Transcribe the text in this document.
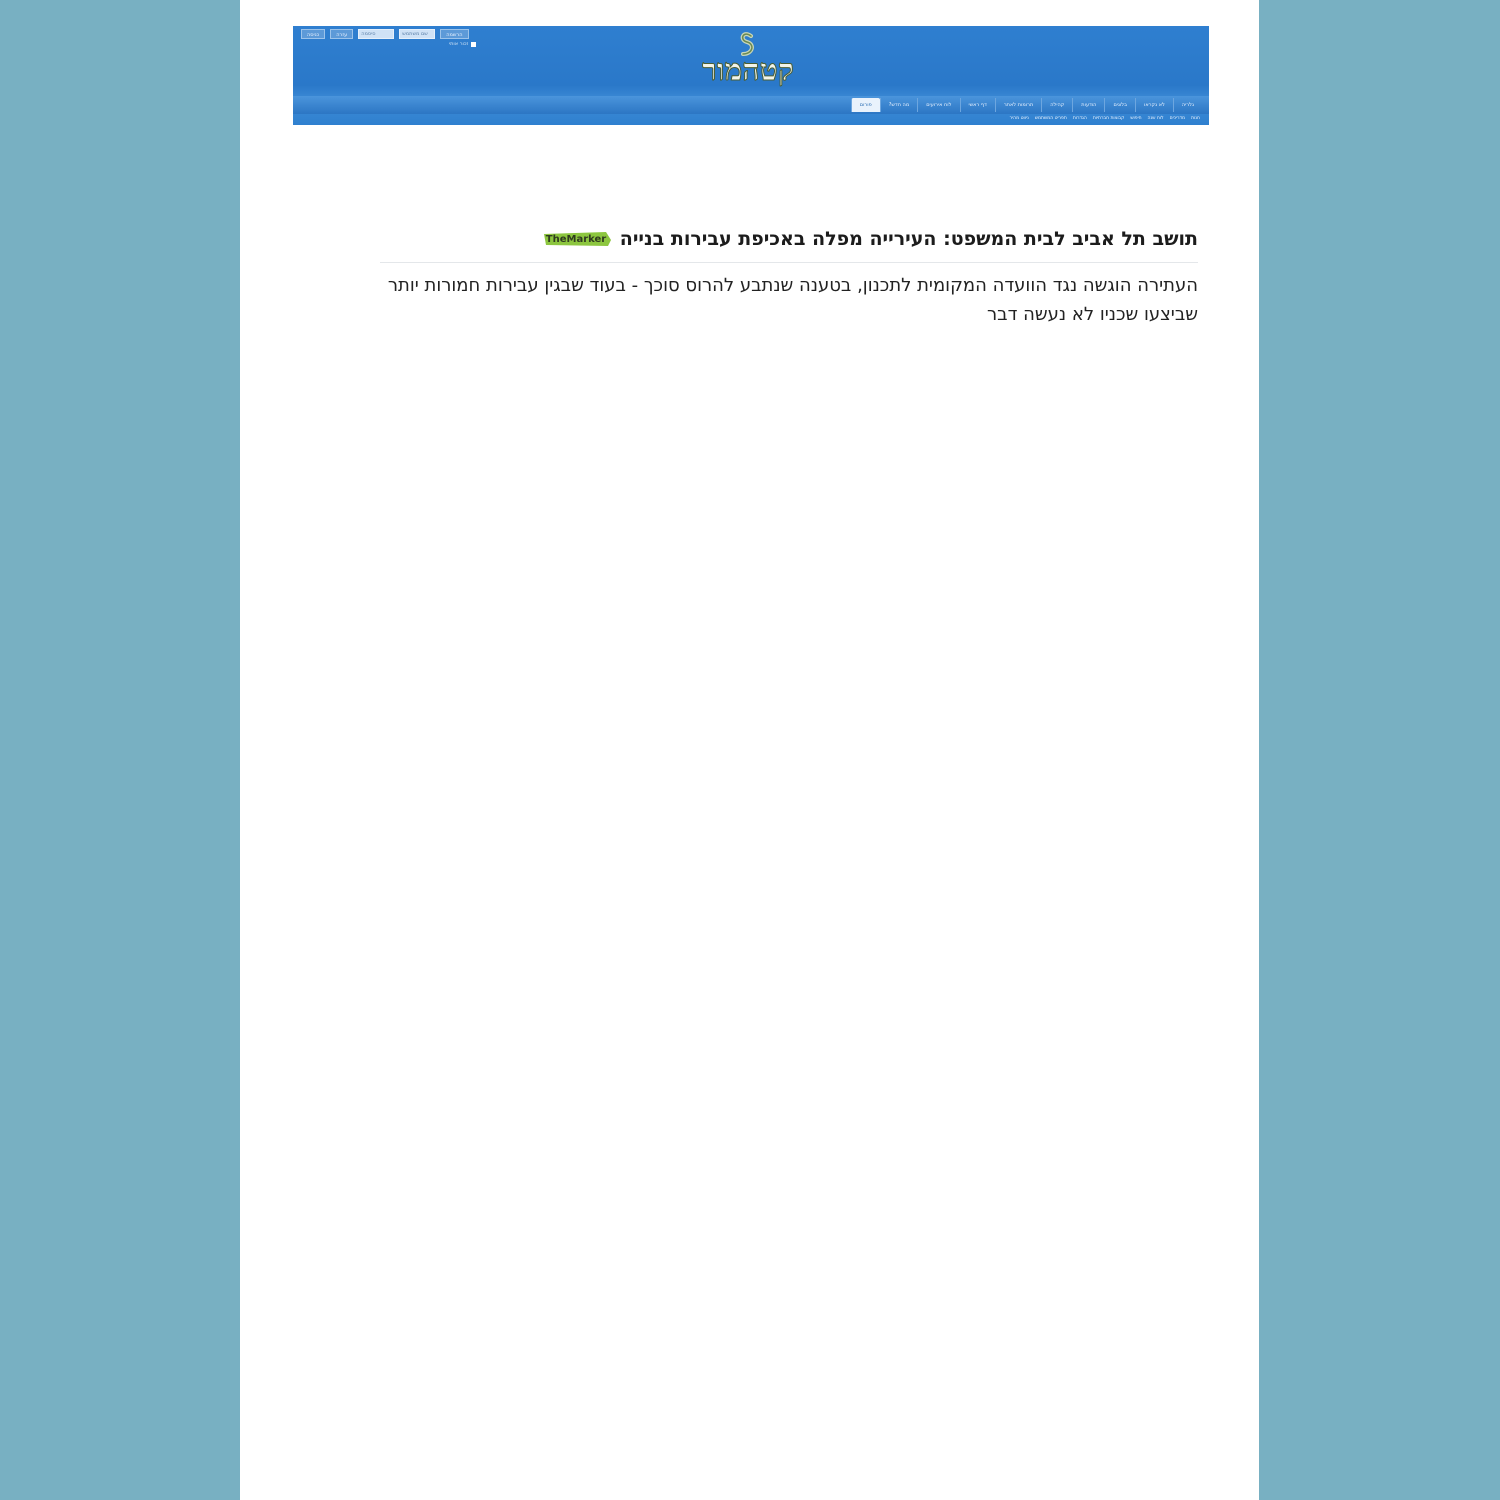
כניסה	עזרה	סיסמה	שם משתמש	הרשמה
זכור אותי
קטהמור
פורום	מה חדש?	לוח אירועים	דף ראשי	תרומות לאתר	קהילה	הודעות	בלוגים	לא נקראו	גלריה
ניווט מהיר תפריט המשתמש הגדרות קבוצות חברתיות חיפוש לוח שנה מדריכים חנות
תושב תל אביב לבית המשפט: העירייה מפלה באכיפת עבירות בנייה
TheMarker
העתירה הוגשה נגד הוועדה המקומית לתכנון, בטענה שנתבע להרוס סוכך - בעוד שבגין עבירות חמורות יותר שביצעו שכניו לא נעשה דבר
